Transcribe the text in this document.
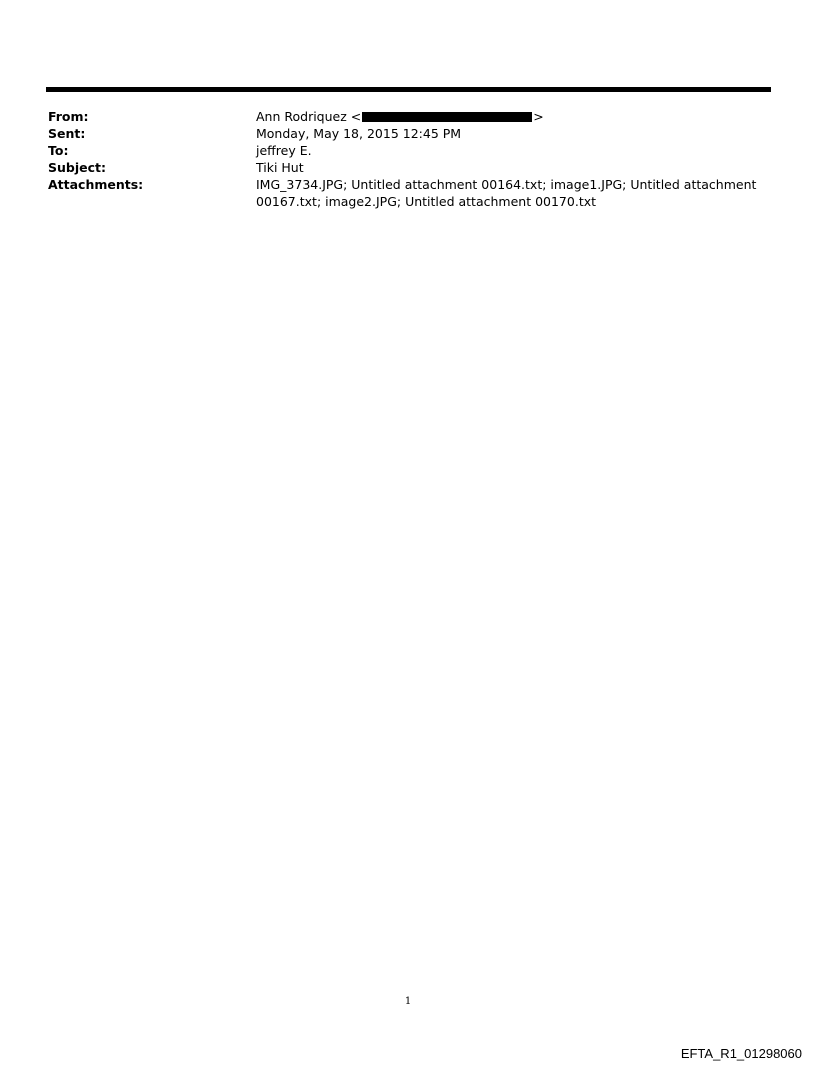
From:	Ann Rodriquez <	>
Sent:	Monday, May 18, 2015 12:45 PM
To:	jeffrey E.
Subject:	Tiki Hut
Attachments:	IMG_3734.JPG; Untitled attachment 00164.txt; image1.JPG; Untitled attachment 00167.txt; image2.JPG; Untitled attachment 00170.txt
1
EFTA_R1_01298060
